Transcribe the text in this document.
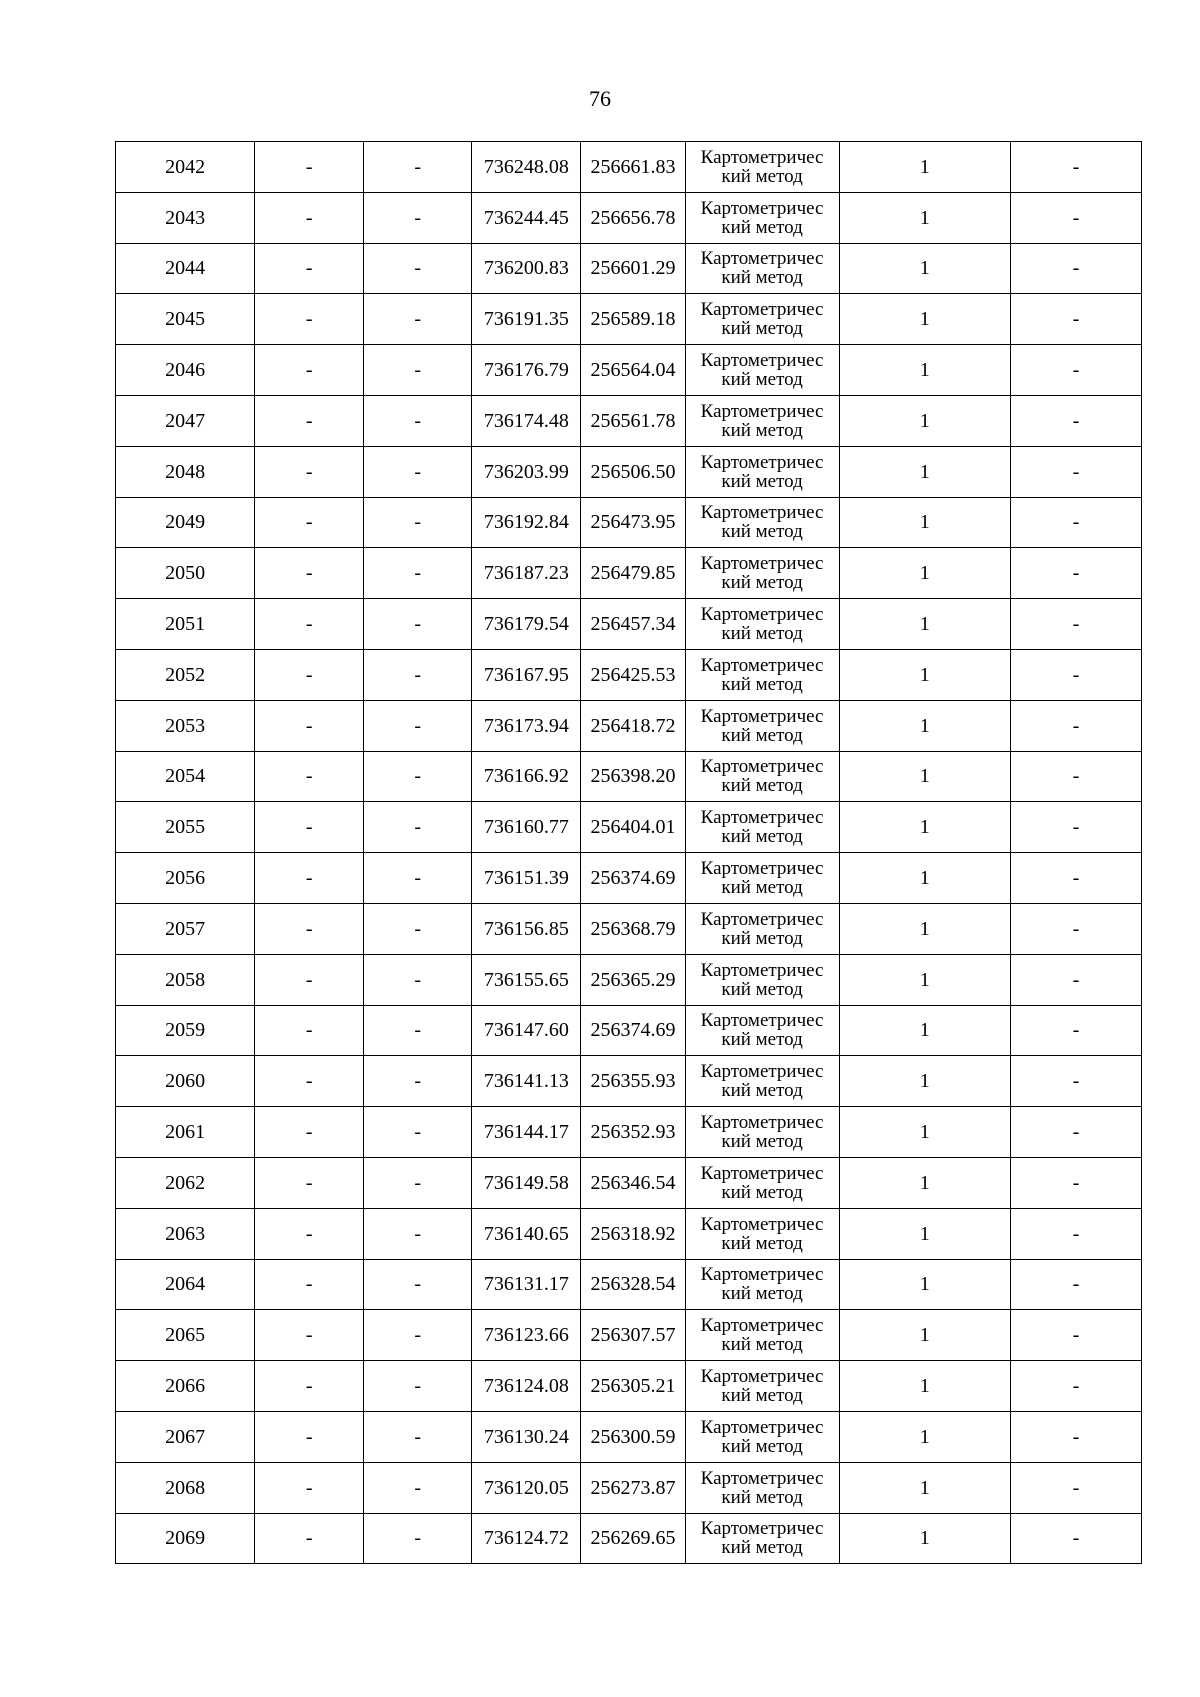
76
2042	-	-	736248.08	256661.83	Картометричес
кий метод	1	-
2043	-	-	736244.45	256656.78	Картометричес
кий метод	1	-
2044	-	-	736200.83	256601.29	Картометричес
кий метод	1	-
2045	-	-	736191.35	256589.18	Картометричес
кий метод	1	-
2046	-	-	736176.79	256564.04	Картометричес
кий метод	1	-
2047	-	-	736174.48	256561.78	Картометричес
кий метод	1	-
2048	-	-	736203.99	256506.50	Картометричес
кий метод	1	-
2049	-	-	736192.84	256473.95	Картометричес
кий метод	1	-
2050	-	-	736187.23	256479.85	Картометричес
кий метод	1	-
2051	-	-	736179.54	256457.34	Картометричес
кий метод	1	-
2052	-	-	736167.95	256425.53	Картометричес
кий метод	1	-
2053	-	-	736173.94	256418.72	Картометричес
кий метод	1	-
2054	-	-	736166.92	256398.20	Картометричес
кий метод	1	-
2055	-	-	736160.77	256404.01	Картометричес
кий метод	1	-
2056	-	-	736151.39	256374.69	Картометричес
кий метод	1	-
2057	-	-	736156.85	256368.79	Картометричес
кий метод	1	-
2058	-	-	736155.65	256365.29	Картометричес
кий метод	1	-
2059	-	-	736147.60	256374.69	Картометричес
кий метод	1	-
2060	-	-	736141.13	256355.93	Картометричес
кий метод	1	-
2061	-	-	736144.17	256352.93	Картометричес
кий метод	1	-
2062	-	-	736149.58	256346.54	Картометричес
кий метод	1	-
2063	-	-	736140.65	256318.92	Картометричес
кий метод	1	-
2064	-	-	736131.17	256328.54	Картометричес
кий метод	1	-
2065	-	-	736123.66	256307.57	Картометричес
кий метод	1	-
2066	-	-	736124.08	256305.21	Картометричес
кий метод	1	-
2067	-	-	736130.24	256300.59	Картометричес
кий метод	1	-
2068	-	-	736120.05	256273.87	Картометричес
кий метод	1	-
2069	-	-	736124.72	256269.65	Картометричес
кий метод	1	-
